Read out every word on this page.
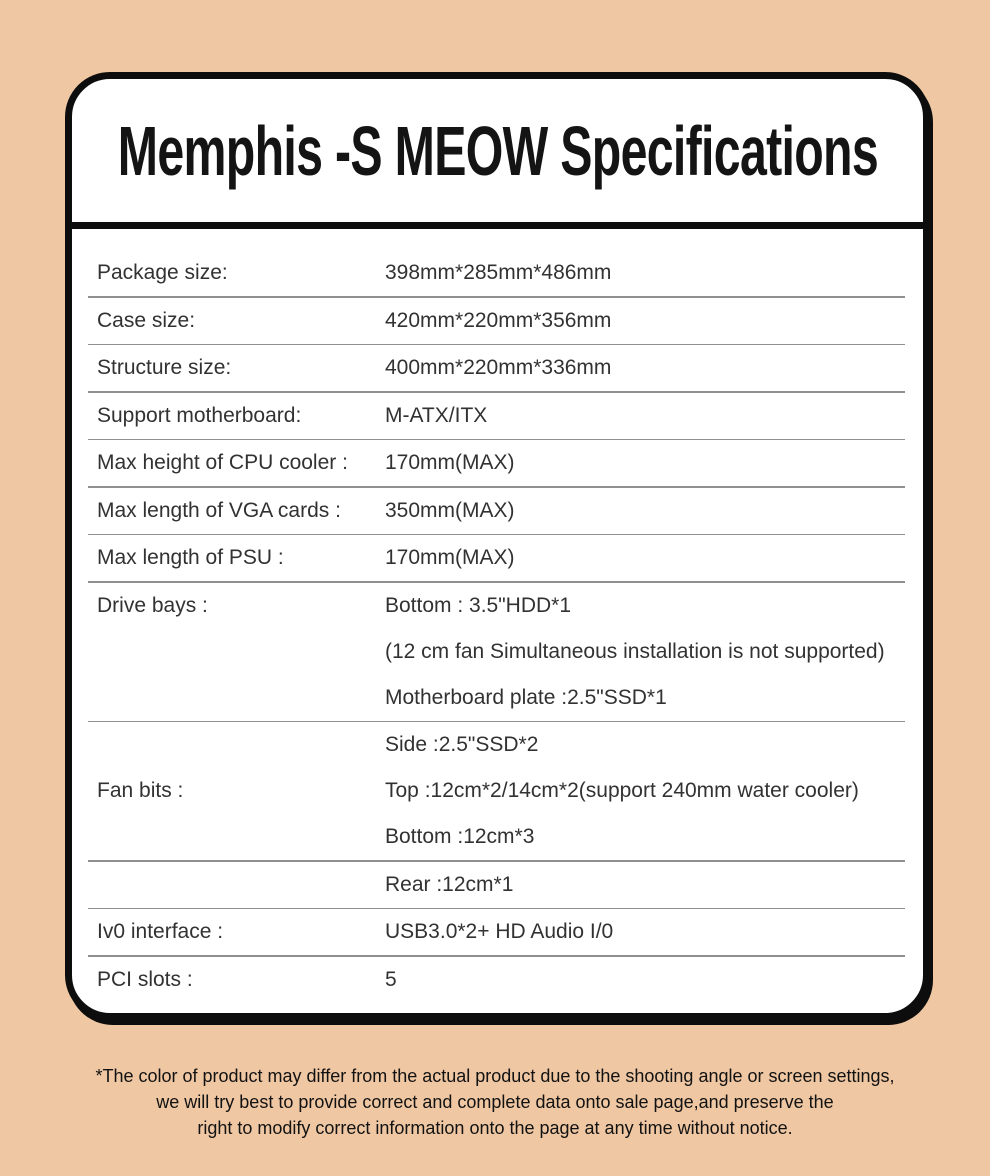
Memphis -S MEOW Specifications
Package size:	398mm*285mm*486mm
Case size:	420mm*220mm*356mm
Structure size:	400mm*220mm*336mm
Support motherboard:	M-ATX/ITX
Max height of CPU cooler :	170mm(MAX)
Max length of VGA cards :	350mm(MAX)
Max length of PSU :	170mm(MAX)
Drive bays :	Bottom : 3.5"HDD*1
(12 cm fan Simultaneous installation is not supported)
Motherboard plate :2.5"SSD*1
Fan bits :
Side :2.5"SSD*2
Top :12cm*2/14cm*2(support 240mm water cooler)
Bottom :12cm*3
Rear :12cm*1
Iv0 interface :	USB3.0*2+ HD Audio I/0
PCI slots :	5

*The color of product may differ from the actual product due to the shooting angle or screen settings,

we will try best to provide correct and complete data onto sale page,and preserve the

right to modify correct information onto the page at any time without notice.
